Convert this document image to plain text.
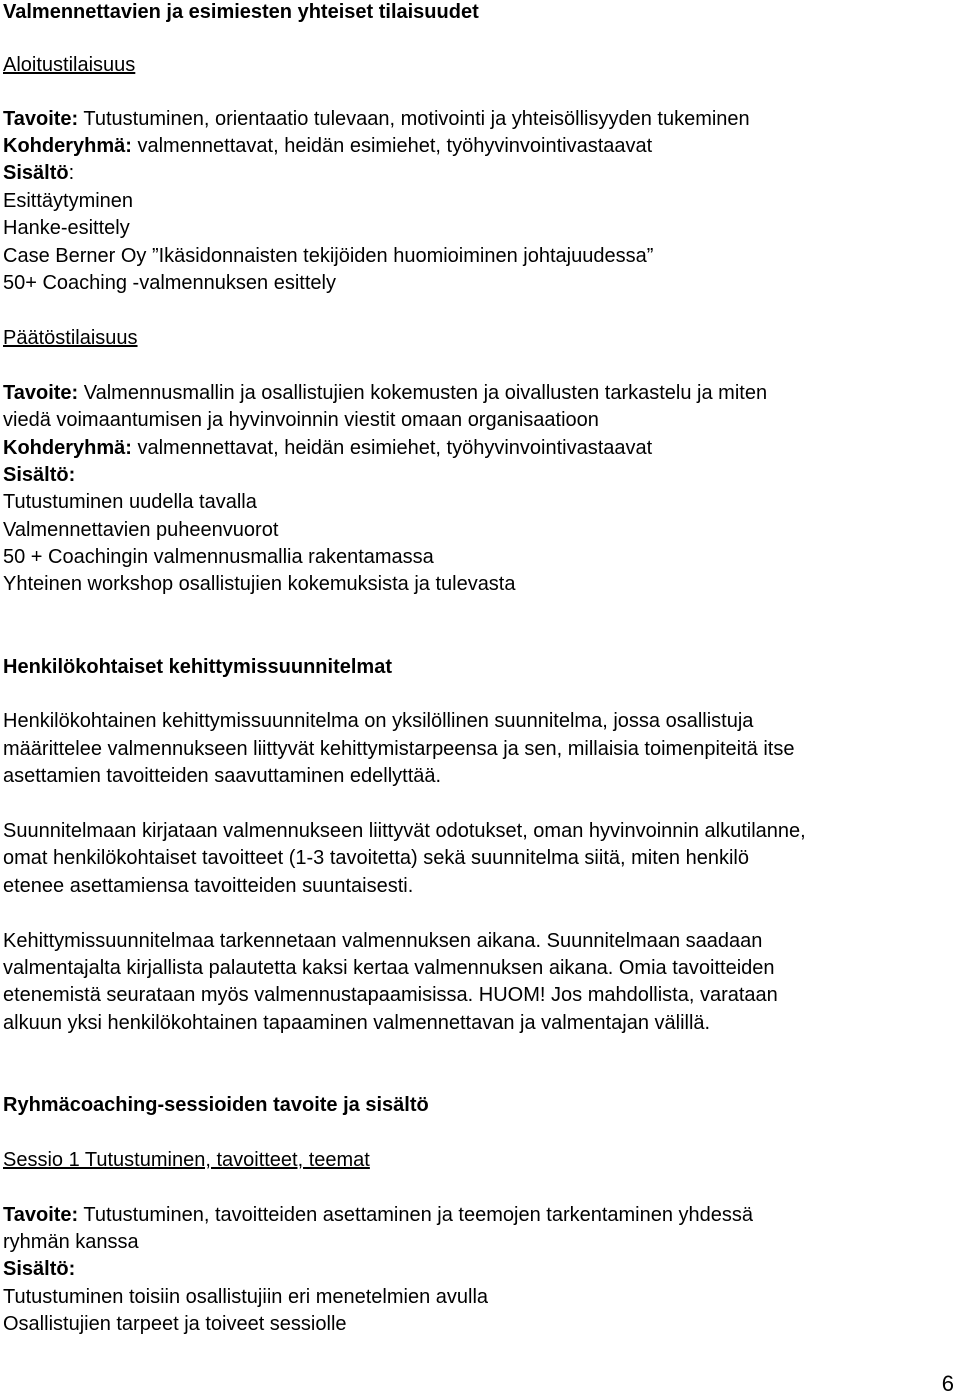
Valmennettavien ja esimiesten yhteiset tilaisuudet
Aloitustilaisuus
Tavoite: Tutustuminen, orientaatio tulevaan, motivointi ja yhteisöllisyyden tukeminen
Kohderyhmä: valmennettavat, heidän esimiehet, työhyvinvointivastaavat
Sisältö:
Esittäytyminen
Hanke-esittely
Case Berner Oy ”Ikäsidonnaisten tekijöiden huomioiminen johtajuudessa”
50+ Coaching -valmennuksen esittely
Päätöstilaisuus
Tavoite: Valmennusmallin ja osallistujien kokemusten ja oivallusten tarkastelu ja miten
viedä voimaantumisen ja hyvinvoinnin viestit omaan organisaatioon
Kohderyhmä: valmennettavat, heidän esimiehet, työhyvinvointivastaavat
Sisältö:
Tutustuminen uudella tavalla
Valmennettavien puheenvuorot
50 + Coachingin valmennusmallia rakentamassa
Yhteinen workshop osallistujien kokemuksista ja tulevasta
Henkilökohtaiset kehittymissuunnitelmat
Henkilökohtainen kehittymissuunnitelma on yksilöllinen suunnitelma, jossa osallistuja
määrittelee valmennukseen liittyvät kehittymistarpeensa ja sen, millaisia toimenpiteitä itse
asettamien tavoitteiden saavuttaminen edellyttää.
Suunnitelmaan kirjataan valmennukseen liittyvät odotukset, oman hyvinvoinnin alkutilanne,
omat henkilökohtaiset tavoitteet (1-3 tavoitetta) sekä suunnitelma siitä, miten henkilö
etenee asettamiensa tavoitteiden suuntaisesti.
Kehittymissuunnitelmaa tarkennetaan valmennuksen aikana. Suunnitelmaan saadaan
valmentajalta kirjallista palautetta kaksi kertaa valmennuksen aikana. Omia tavoitteiden
etenemistä seurataan myös valmennustapaamisissa. HUOM! Jos mahdollista, varataan
alkuun yksi henkilökohtainen tapaaminen valmennettavan ja valmentajan välillä.
Ryhmäcoaching-sessioiden tavoite ja sisältö
Sessio 1 Tutustuminen, tavoitteet, teemat
Tavoite: Tutustuminen, tavoitteiden asettaminen ja teemojen tarkentaminen yhdessä
ryhmän kanssa
Sisältö:
Tutustuminen toisiin osallistujiin eri menetelmien avulla
Osallistujien tarpeet ja toiveet sessiolle
6
